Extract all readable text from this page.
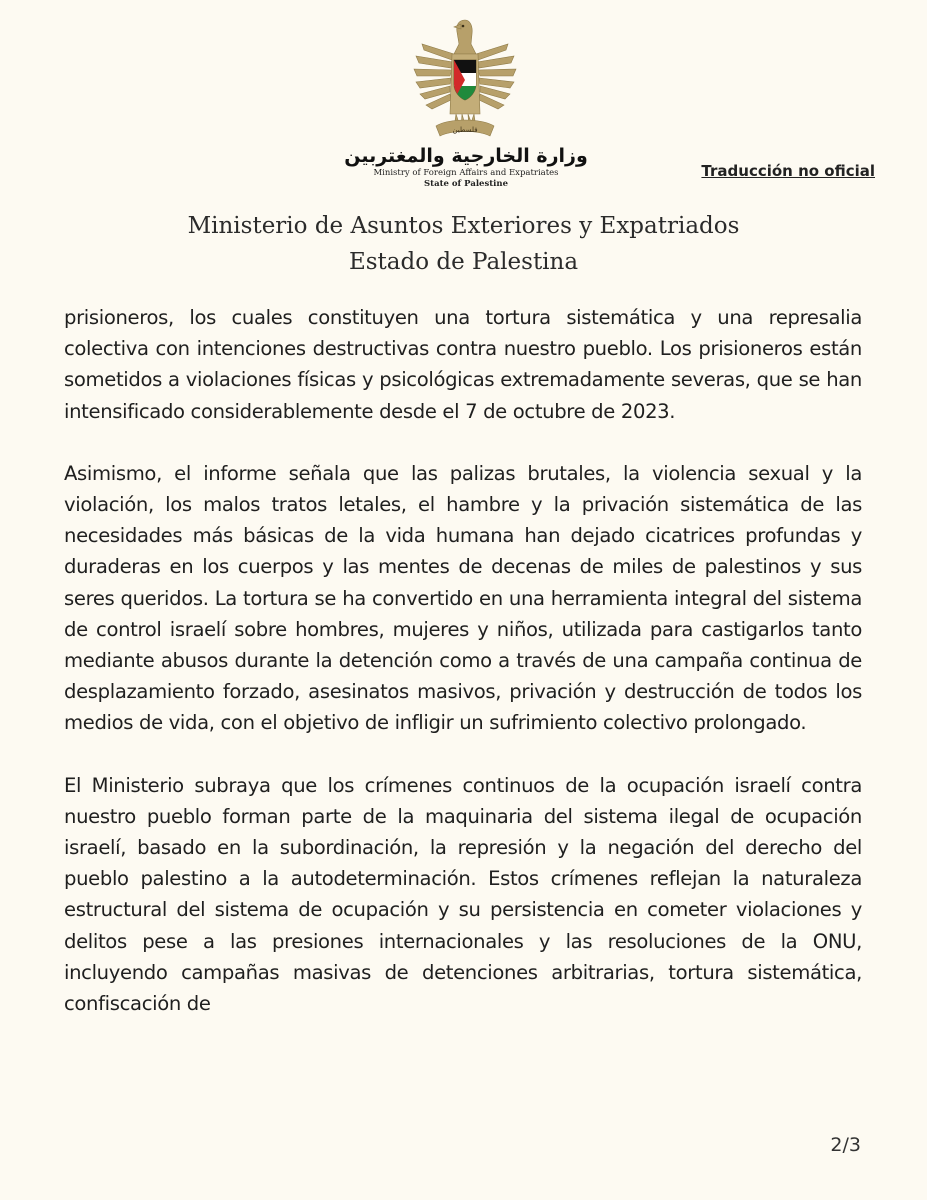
فلسطين
وزارة الخارجية والمغتربين
Ministry of Foreign Affairs and Expatriates
State of Palestine
Traducción no oficial
Ministerio de Asuntos Exteriores y Expatriados
Estado de Palestina

prisioneros, los cuales constituyen una tortura sistemática y una represalia colectiva con intenciones destructivas contra nuestro pueblo. Los prisioneros están sometidos a violaciones físicas y psicológicas extremadamente severas, que se han intensificado considerablemente desde el 7 de octubre de 2023.

Asimismo, el informe señala que las palizas brutales, la violencia sexual y la violación, los malos tratos letales, el hambre y la privación sistemática de las necesidades más básicas de la vida humana han dejado cicatrices profundas y duraderas en los cuerpos y las mentes de decenas de miles de palestinos y sus seres queridos. La tortura se ha convertido en una herramienta integral del sistema de control israelí sobre hombres, mujeres y niños, utilizada para castigarlos tanto mediante abusos durante la detención como a través de una campaña continua de desplazamiento forzado, asesinatos masivos, privación y destrucción de todos los medios de vida, con el objetivo de infligir un sufrimiento colectivo prolongado.

El Ministerio subraya que los crímenes continuos de la ocupación israelí contra nuestro pueblo forman parte de la maquinaria del sistema ilegal de ocupación israelí, basado en la subordinación, la represión y la negación del derecho del pueblo palestino a la autodeterminación. Estos crímenes reflejan la naturaleza estructural del sistema de ocupación y su persistencia en cometer violaciones y delitos pese a las presiones internacionales y las resoluciones de la ONU, incluyendo campañas masivas de detenciones arbitrarias, tortura sistemática, confiscación de

2/3
